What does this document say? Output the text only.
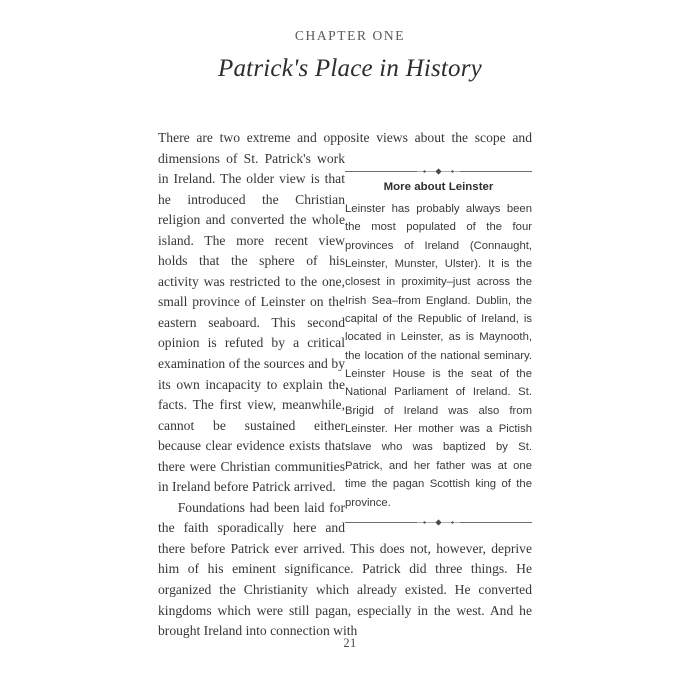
CHAPTER ONE
Patrick's Place in History
More about Leinster

Leinster has probably always been the most populated of the four provinces of Ireland (Connaught, Leinster, Munster, Ulster). It is the closest in proximity–just across the Irish Sea–from England. Dublin, the capital of the Republic of Ireland, is located in Leinster, as is Maynooth, the location of the national seminary. Leinster House is the seat of the National Parliament of Ireland. St. Brigid of Ireland was also from Leinster. Her mother was a Pictish slave who was baptized by St. Patrick, and her father was at one time the pagan Scottish king of the province.

There are two extreme and opposite views about the scope and dimensions of St. Patrick's work in Ireland. The older view is that he introduced the Christian religion and converted the whole island. The more recent view holds that the sphere of his activity was restricted to the one, small province of Leinster on the eastern seaboard. This second opinion is refuted by a critical examination of the sources and by its own incapacity to explain the facts. The first view, meanwhile, cannot be sustained either because clear evidence exists that there were Christian communities in Ireland before Patrick arrived.

Foundations had been laid for the faith sporadically here and there before Patrick ever arrived. This does not, however, deprive him of his eminent significance. Patrick did three things. He organized the Christianity which already existed. He converted kingdoms which were still pagan, especially in the west. And he brought Ireland into connection with

21
